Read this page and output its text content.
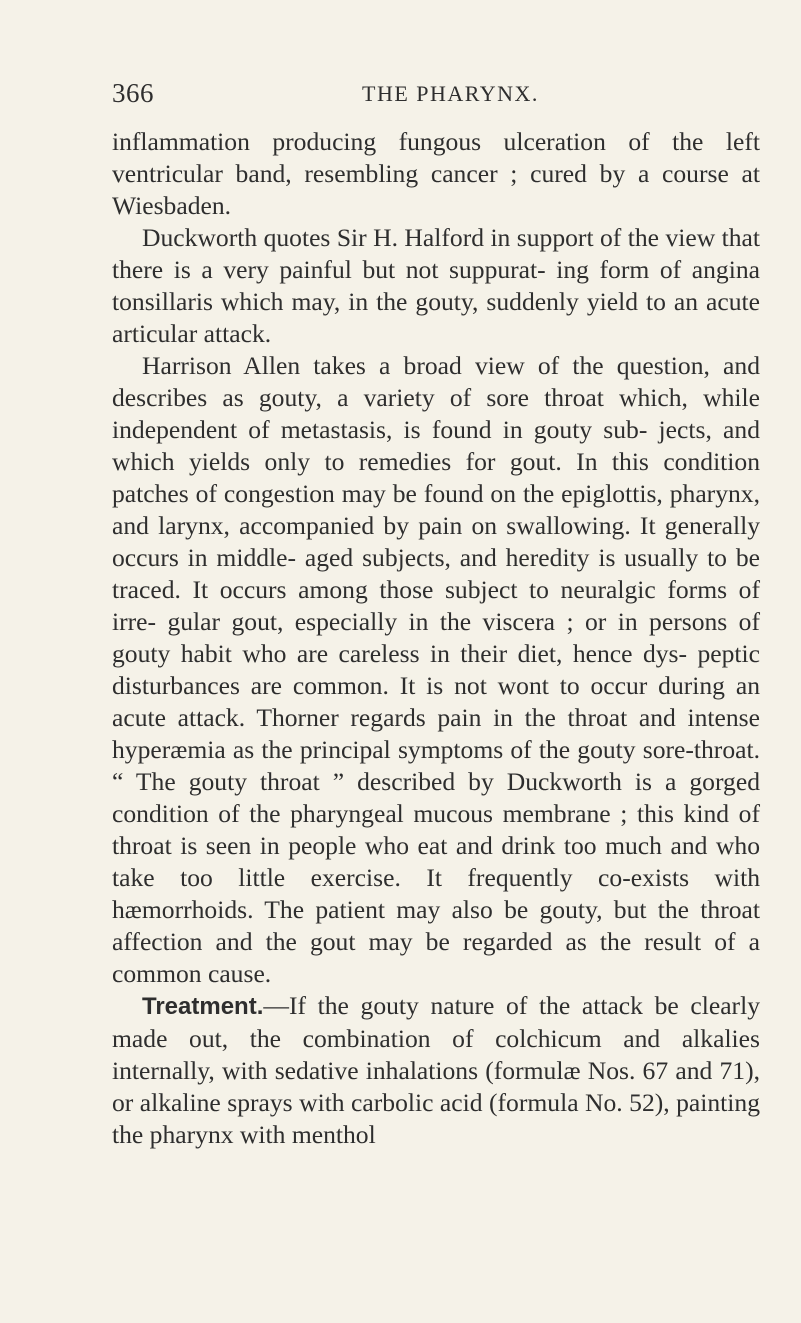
366	THE PHARYNX.

inflammation producing fungous ulceration of the left ventricular band, resembling cancer ; cured by a course at Wiesbaden.

Duckworth quotes Sir H. Halford in support of the view that there is a very painful but not suppurat- ing form of angina tonsillaris which may, in the gouty, suddenly yield to an acute articular attack.

Harrison Allen takes a broad view of the question, and describes as gouty, a variety of sore throat which, while independent of metastasis, is found in gouty sub- jects, and which yields only to remedies for gout. In this condition patches of congestion may be found on the epiglottis, pharynx, and larynx, accompanied by pain on swallowing. It generally occurs in middle- aged subjects, and heredity is usually to be traced. It occurs among those subject to neuralgic forms of irre- gular gout, especially in the viscera ; or in persons of gouty habit who are careless in their diet, hence dys- peptic disturbances are common. It is not wont to occur during an acute attack. Thorner regards pain in the throat and intense hyperæmia as the principal symptoms of the gouty sore-throat. “ The gouty throat ” described by Duckworth is a gorged condition of the pharyngeal mucous membrane ; this kind of throat is seen in people who eat and drink too much and who take too little exercise. It frequently co-exists with hæmorrhoids. The patient may also be gouty, but the throat affection and the gout may be regarded as the result of a common cause.

Treatment.—If the gouty nature of the attack be clearly made out, the combination of colchicum and alkalies internally, with sedative inhalations (formulæ Nos. 67 and 71), or alkaline sprays with carbolic acid (formula No. 52), painting the pharynx with menthol
